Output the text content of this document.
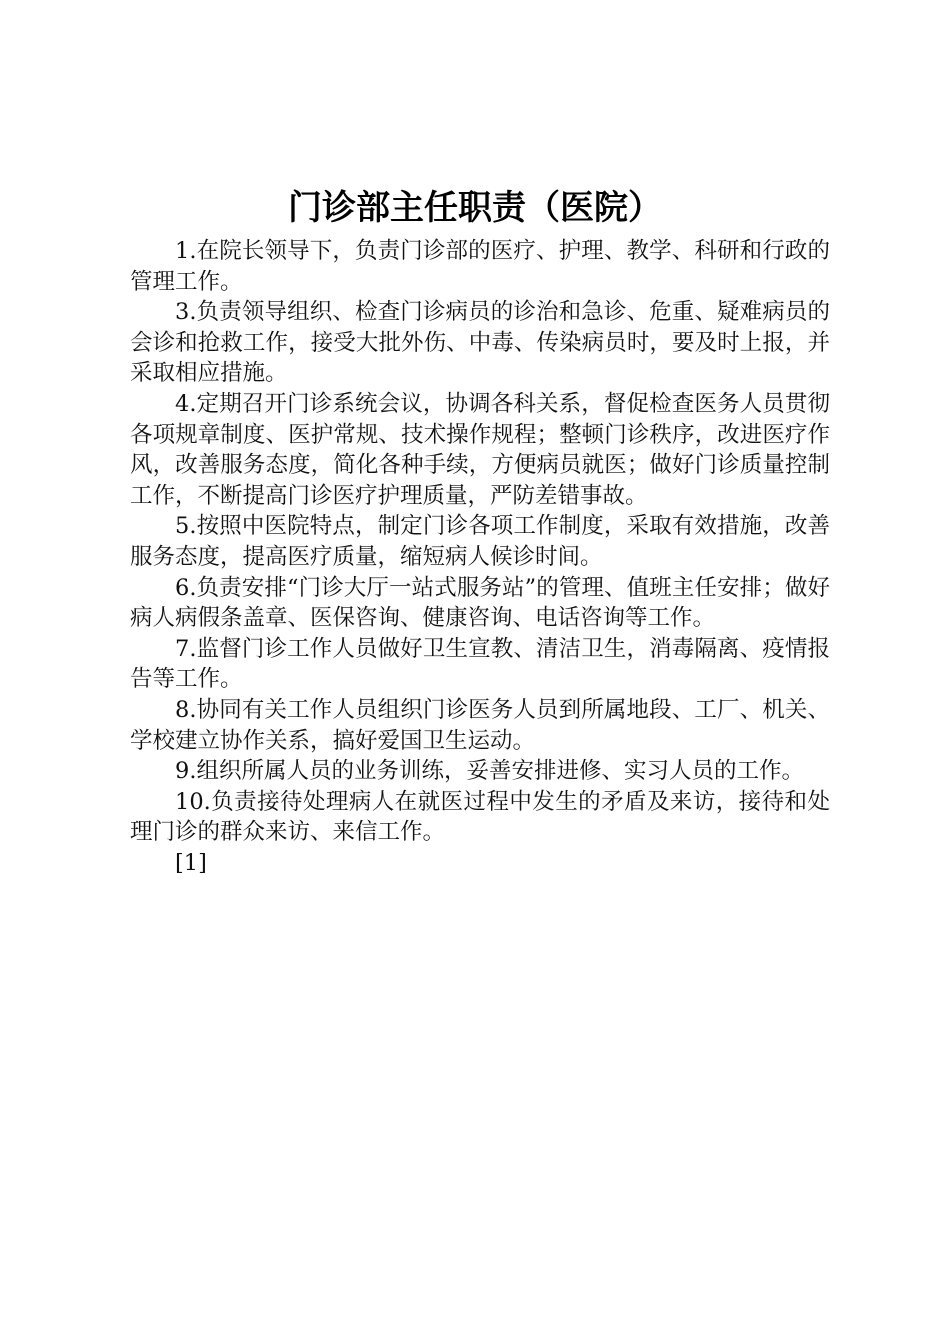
门诊部主任职责（医院）

1.在院长领导下，负责门诊部的医疗、护理、教学、科研和行政的管理工作。

3.负责领导组织、检查门诊病员的诊治和急诊、危重、疑难病员的会诊和抢救工作，接受大批外伤、中毒、传染病员时，要及时上报，并采取相应措施。

4.定期召开门诊系统会议，协调各科关系，督促检查医务人员贯彻各项规章制度、医护常规、技术操作规程；整顿门诊秩序，改进医疗作风，改善服务态度，简化各种手续，方便病员就医；做好门诊质量控制工作，不断提高门诊医疗护理质量，严防差错事故。

5.按照中医院特点，制定门诊各项工作制度，采取有效措施，改善服务态度，提高医疗质量，缩短病人候诊时间。

6.负责安排“门诊大厅一站式服务站”的管理、值班主任安排；做好病人病假条盖章、医保咨询、健康咨询、电话咨询等工作。

7.监督门诊工作人员做好卫生宣教、清洁卫生，消毒隔离、疫情报告等工作。

8.协同有关工作人员组织门诊医务人员到所属地段、工厂、机关、学校建立协作关系，搞好爱国卫生运动。

9.组织所属人员的业务训练，妥善安排进修、实习人员的工作。

10.负责接待处理病人在就医过程中发生的矛盾及来访，接待和处理门诊的群众来访、来信工作。

[1]
